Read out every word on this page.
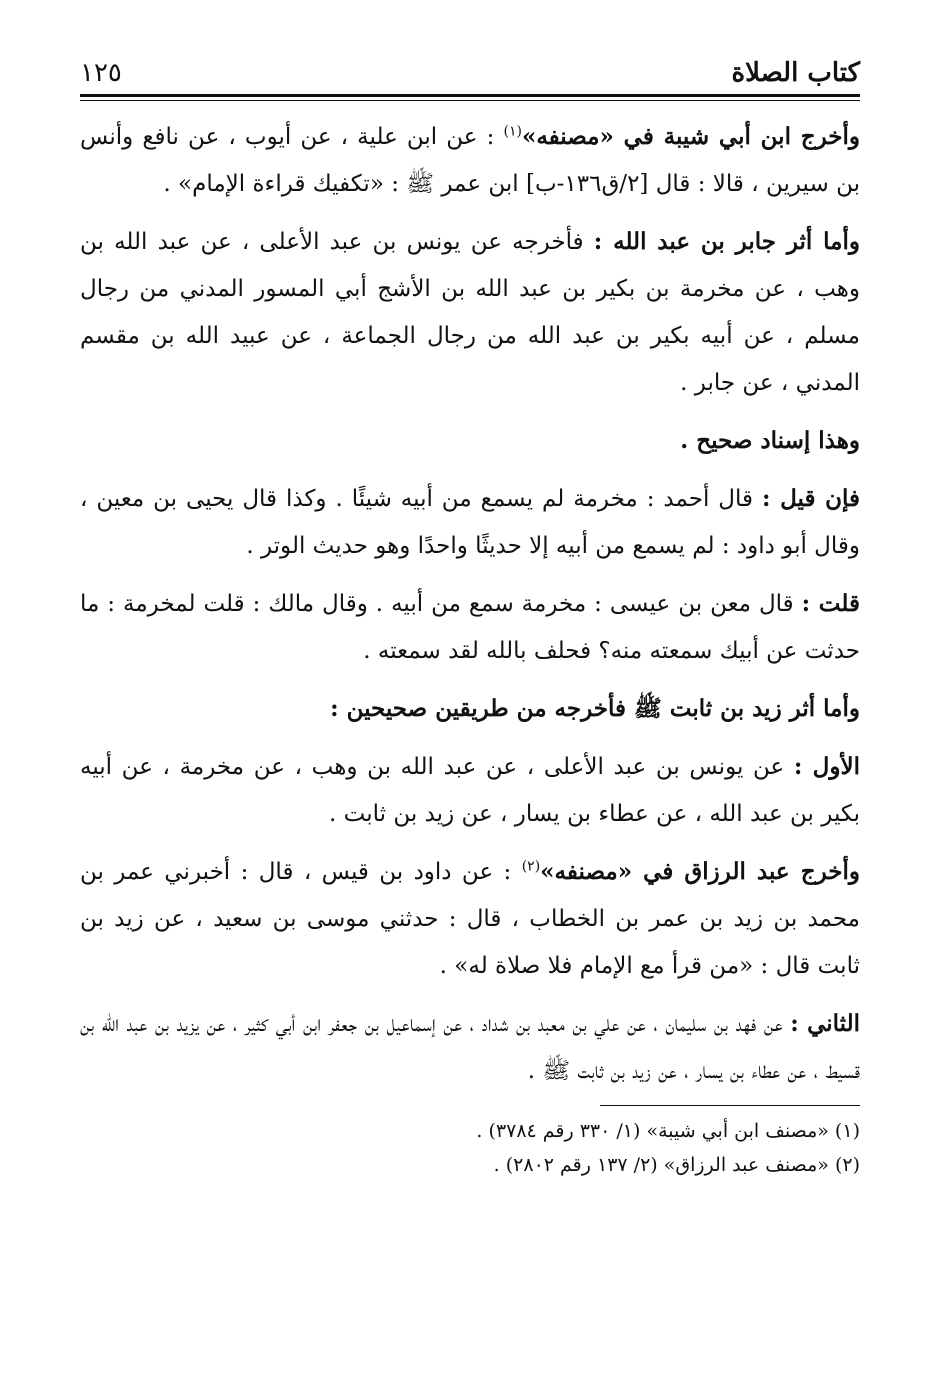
كتاب الصلاة
١٢٥

وأخرج ابن أبي شيبة في «مصنفه»$^{(١)}$ : عن ابن علية ، عن أيوب ، عن نافع وأنس بن سيرين ، قالا : قال [٢/ق١٣٦-ب] ابن عمر ﷺ : «تكفيك قراءة الإمام» .

وأما أثر جابر بن عبد الله : فأخرجه عن يونس بن عبد الأعلى ، عن عبد الله بن وهب ، عن مخرمة بن بكير بن عبد الله بن الأشج أبي المسور المدني من رجال مسلم ، عن أبيه بكير بن عبد الله من رجال الجماعة ، عن عبيد الله بن مقسم المدني ، عن جابر .

وهذا إسناد صحيح .

فإن قيل : قال أحمد : مخرمة لم يسمع من أبيه شيئًا . وكذا قال يحيى بن معين ، وقال أبو داود : لم يسمع من أبيه إلا حديثًا واحدًا وهو حديث الوتر .

قلت : قال معن بن عيسى : مخرمة سمع من أبيه . وقال مالك : قلت لمخرمة : ما حدثت عن أبيك سمعته منه؟ فحلف بالله لقد سمعته .

وأما أثر زيد بن ثابت ﷺ فأخرجه من طريقين صحيحين :

الأول : عن يونس بن عبد الأعلى ، عن عبد الله بن وهب ، عن مخرمة ، عن أبيه بكير بن عبد الله ، عن عطاء بن يسار ، عن زيد بن ثابت .

وأخرج عبد الرزاق في «مصنفه»$^{(٢)}$ : عن داود بن قيس ، قال : أخبرني عمر بن محمد بن زيد بن عمر بن الخطاب ، قال : حدثني موسى بن سعيد ، عن زيد بن ثابت قال : «من قرأ مع الإمام فلا صلاة له» .

الثاني : عن فهد بن سليمان ، عن علي بن معبد بن شداد ، عن إسماعيل بن جعفر ابن أبي كثير ، عن يزيد بن عبد الله بن قسيط ، عن عطاء بن يسار ، عن زيد بن ثابت ﷺ .

(١) «مصنف ابن أبي شيبة» (١/ ٣٣٠ رقم ٣٧٨٤) .
(٢) «مصنف عبد الرزاق» (٢/ ١٣٧ رقم ٢٨٠٢) .
